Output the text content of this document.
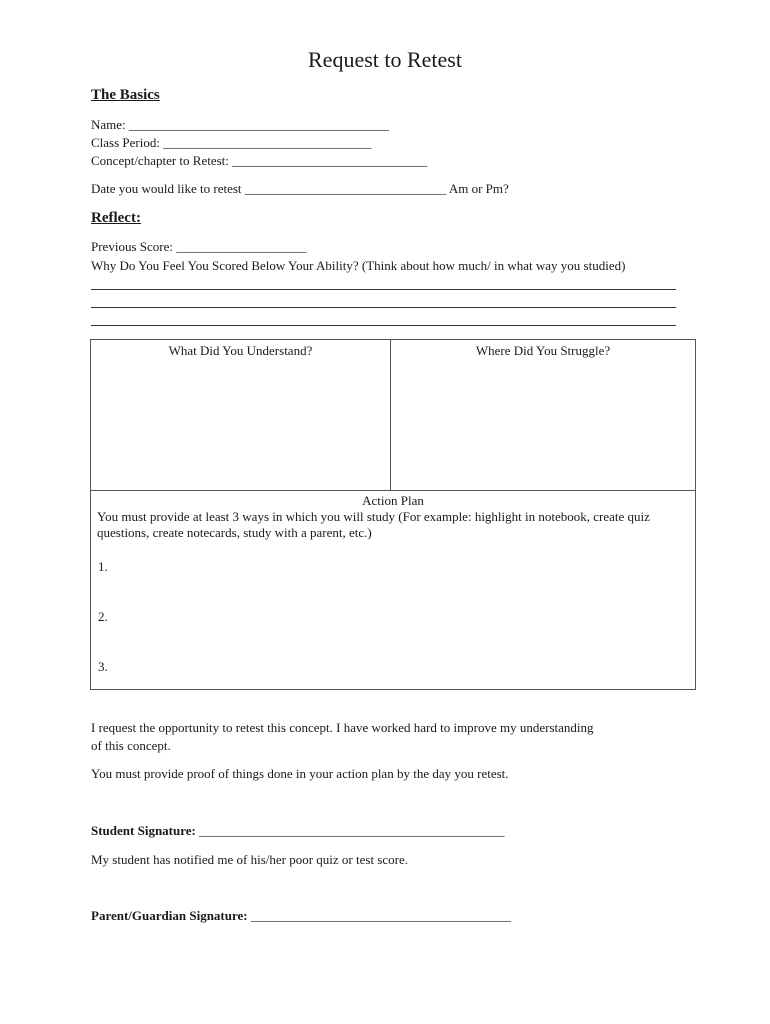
Request to Retest
The Basics
Name: ________________________________________
Class Period: ________________________________
Concept/chapter to Retest: ______________________________
Date you would like to retest _______________________________ Am or Pm?
Reflect:
Previous Score: ____________________
Why Do You Feel You Scored Below Your Ability? (Think about how much/ in what way you studied)
What Did You Understand?	Where Did You Struggle?
Action Plan
You must provide at least 3 ways in which you will study (For example: highlight in notebook, create quiz questions, create notecards, study with a parent, etc.)
1.
2.
3.
I request the opportunity to retest this concept. I have worked hard to improve my understanding
of this concept.
You must provide proof of things done in your action plan by the day you retest.
Student Signature: _______________________________________________
My student has notified me of his/her poor quiz or test score.
Parent/Guardian Signature: ________________________________________
